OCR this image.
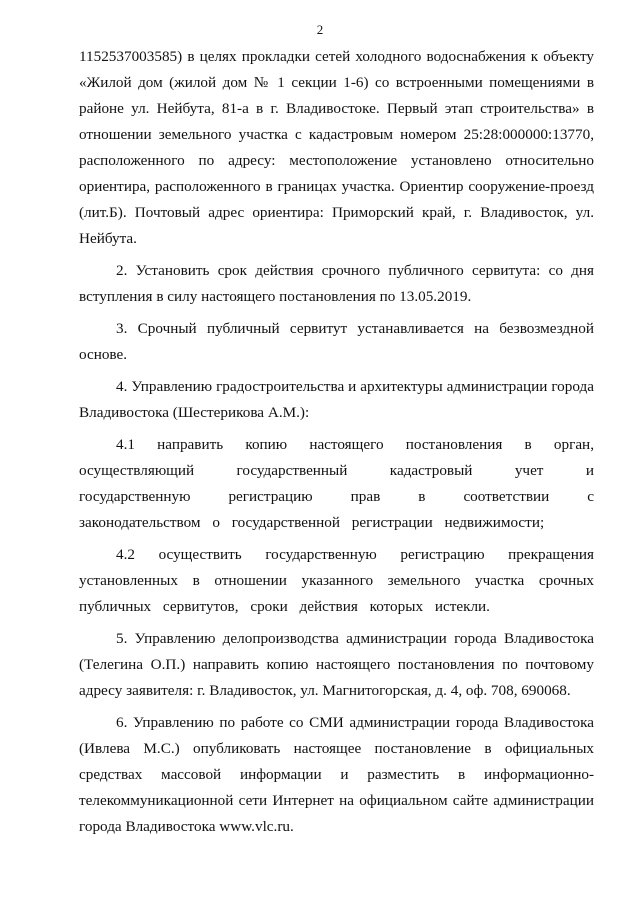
2

1152537003585) в целях прокладки сетей холодного водоснабжения к объекту «Жилой дом (жилой дом № 1 секции 1-6) со встроенными помещениями в районе ул. Нейбута, 81-а в г. Владивостоке. Первый этап строительства» в отношении земельного участка с кадастровым номером 25:28:000000:13770, расположенного по адресу: местоположение установлено относительно ориентира, расположенного в границах участка. Ориентир сооружение-проезд (лит.Б). Почтовый адрес ориентира: Приморский край, г. Владивосток, ул. Нейбута.

2. Установить срок действия срочного публичного сервитута: со дня вступления в силу настоящего постановления по 13.05.2019.

3. Срочный публичный сервитут устанавливается на безвозмездной основе.

4. Управлению градостроительства и архитектуры администрации города Владивостока (Шестерикова А.М.):

4.1 направить копию настоящего постановления в орган, осуществляющий государственный кадастровый учет и государственную регистрацию прав в соответствии с законодательством о государственной регистрации недвижимости;

4.2 осуществить государственную регистрацию прекращения установленных в отношении указанного земельного участка срочных публичных сервитутов, сроки действия которых истекли.

5. Управлению делопроизводства администрации города Владивостока (Телегина О.П.) направить копию настоящего постановления по почтовому адресу заявителя: г. Владивосток, ул. Магнитогорская, д. 4, оф. 708, 690068.

6. Управлению по работе со СМИ администрации города Владивостока (Ивлева М.С.) опубликовать настоящее постановление в официальных средствах массовой информации и разместить в информационно-телекоммуникационной сети Интернет на официальном сайте администрации города Владивостока www.vlc.ru.
